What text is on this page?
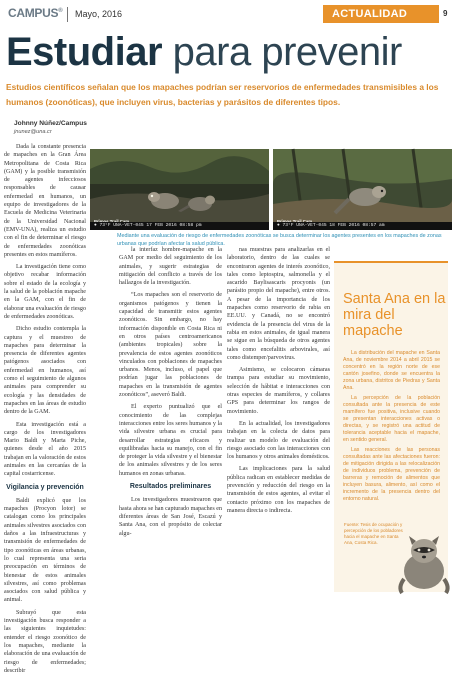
CAMPUS® Mayo, 2016	ACTUALIDAD	9
Estudiar para prevenir
Estudios científicos señalan que los mapaches podrían ser reservorios de enfermedades transmisibles a los humanos (zoonóticas), que incluyen virus, bacterias y parásitos de diferentes tipos.
Johnny Núñez/Campus
jnunez@una.cr

Dada la constante presencia de mapaches en la Gran Área Metropolitana de Costa Rica (GAM) y la posible transmisión de agentes infecciosos responsables de causar enfermedad en humanos, un equipo de investigadores de la Escuela de Medicina Veterinaria de la Universidad Nacional (EMV-UNA), realiza un estudio con el fin de determinar el riesgo de enfermedades zoonóticas presentes en estos mamíferos.

La investigación tiene como objetivo recabar información sobre el estado de la ecología y la salud de la población mapache en la GAM, con el fin de elaborar una evaluación de riesgo de enfermedades zoonóticas.

Dicho estudio contempla la captura y el muestreo de mapaches para determinar la presencia de diferentes agentes patógenos asociados con enfermedad en humanos, así como el seguimiento de algunos animales para comprender su ecología y las densidades de mapaches en las áreas de estudio dentro de la GAM.

Esta investigación está a cargo de los investigadores Mario Baldi y Marta Piche, quienes desde el año 2015 trabajan en la valoración de estos animales en las cercanías de la capital costarricense.

Vigilancia y prevención

Baldi explicó que los mapaches (Procyon lotor) se catalogan como los principales animales silvestres asociados con daños a las infraestructuras y transmisión de enfermedades de tipo zoonóticas en áreas urbanas, lo cual representa una seria preocupación en términos de bienestar de estos animales silvestres, así como problemas asociados con salud pública y animal.

Subrayó que esta investigación busca responder a las siguientes inquietudes: entender el riesgo zoonótico de los mapaches, mediante la elaboración de una evaluación de riesgo de enfermedades; describir

● 73°F UNA-VET-045 17 FEB 2016 08:58 pm	● 73°F UNA-VET-045 18 FEB 2016 08:57 am
Mediante una evaluación de riesgo de enfermedades zoonóticas se busca determinar los agentes presentes en los mapaches de zonas urbanas que podrían afectar la salud pública.

la interfaz hombre-mapache en la GAM por medio del seguimiento de los animales, y sugerir estrategias de mitigación del conflicto a través de los hallazgos de la investigación.

“Los mapaches son el reservorio de organismos patógenos y tienen la capacidad de transmitir estos agentes zoonóticos. Sin embargo, no hay información disponible en Costa Rica ni en otros países centroamericanos (ambientes tropicales) sobre la prevalencia de estos agentes zoonóticos vinculados con poblaciones de mapaches urbanos. Menos, incluso, el papel que podrían jugar las poblaciones de mapaches en la transmisión de agentes zoonóticos”, aseveró Baldi.

El experto puntualizó que el conocimiento de las complejas interacciones entre los seres humanos y la vida silvestre urbana es crucial para desarrollar estrategias eficaces y equilibradas hacia su manejo, con el fin de proteger la vida silvestre y el bienestar de los animales silvestres y de los seres humanos en zonas urbanas.

Resultados preliminares

Los investigadores muestrearon que hasta ahora se han capturado mapaches en diferentes áreas de San José, Escazú y Santa Ana, con el propósito de colectar algu-

nas muestras para analizarlas en el laboratorio, dentro de las cuales se encontraron agentes de interés zoonótico, tales como leptospira, salmonella y el ascarido Baylisascaris procyonis (un parásito propio del mapache), entre otros. A pesar de la importancia de los mapaches como reservorio de rabia en EE.UU. y Canadá, no se encontró evidencia de la presencia del virus de la rabia en estos animales, de igual manera se sigue en la búsqueda de otros agentes tales como encefalitis arbovirales, así como distemper/parvovirus.

Asimismo, se colocaron cámaras trampa para estudiar su movimiento, selección de hábitat e interacciones con otras especies de mamíferos, y collares GPS para determinar los rangos de movimiento.

En la actualidad, los investigadores trabajan en la colecta de datos para realizar un modelo de evaluación del riesgo asociado con las interacciones con los humanos y otros animales domésticos.

Las implicaciones para la salud pública radican en establecer medidas de prevención y reducción del riesgo en la transmisión de estos agentes, al evitar el contacto próximo con los mapaches de manera directa o indirecta.

Santa Ana en la mira del mapache

La distribución del mapache en Santa Ana, de noviembre 2014 a abril 2015 se concentró en la región norte de ese cantón josefino, donde se encuentra la zona urbana, distritos de Piedras y Santa Ana.

La percepción de la población consultada ante la presencia de este mamífero fue positiva, inclusive cuando se presentan interacciones activas o directas, y se registró una actitud de tolerancia aceptable hacia el mapache, en sentido general.

Las reacciones de las personas consultadas ante las afectaciones fueron: de mitigación dirigida a las relocalización de individuos problema, prevención de barreras y remoción de alimentos que incluyen basura, alimento, así como el incremento de la presencia dentro del entorno natural.

Fuente: Tesis de ocupación y percepción de los pobladores hacia el mapache en Santa Ana, Costa Rica.
